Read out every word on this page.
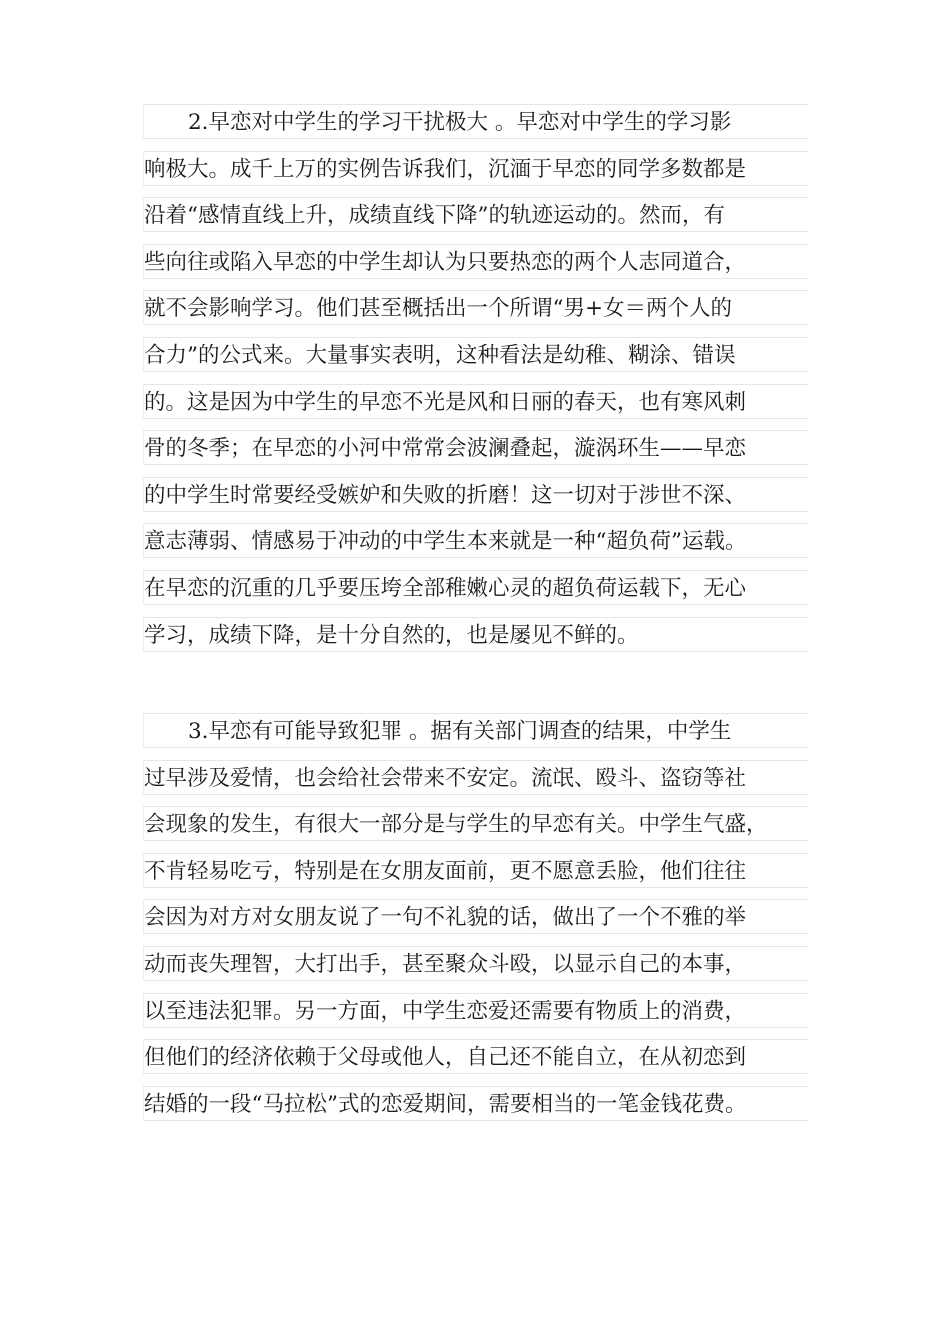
2.早恋对中学生的学习干扰极大 。早恋对中学生的学习影
响极大。成千上万的实例告诉我们，沉湎于早恋的同学多数都是
沿着“感情直线上升，成绩直线下降”的轨迹运动的。然而，有
些向往或陷入早恋的中学生却认为只要热恋的两个人志同道合，
就不会影响学习。他们甚至概括出一个所谓“男+女＝两个人的
合力”的公式来。大量事实表明，这种看法是幼稚、糊涂、错误
的。这是因为中学生的早恋不光是风和日丽的春天，也有寒风刺
骨的冬季；在早恋的小河中常常会波澜叠起，漩涡环生——早恋
的中学生时常要经受嫉妒和失败的折磨！这一切对于涉世不深、
意志薄弱、情感易于冲动的中学生本来就是一种“超负荷”运载。
在早恋的沉重的几乎要压垮全部稚嫩心灵的超负荷运载下，无心
学习，成绩下降，是十分自然的，也是屡见不鲜的。
3.早恋有可能导致犯罪 。据有关部门调查的结果，中学生
过早涉及爱情，也会给社会带来不安定。流氓、殴斗、盗窃等社
会现象的发生，有很大一部分是与学生的早恋有关。中学生气盛，
不肯轻易吃亏，特别是在女朋友面前，更不愿意丢脸，他们往往
会因为对方对女朋友说了一句不礼貌的话，做出了一个不雅的举
动而丧失理智，大打出手，甚至聚众斗殴，以显示自己的本事，
以至违法犯罪。另一方面，中学生恋爱还需要有物质上的消费，
但他们的经济依赖于父母或他人，自己还不能自立，在从初恋到
结婚的一段“马拉松”式的恋爱期间，需要相当的一笔金钱花费。
